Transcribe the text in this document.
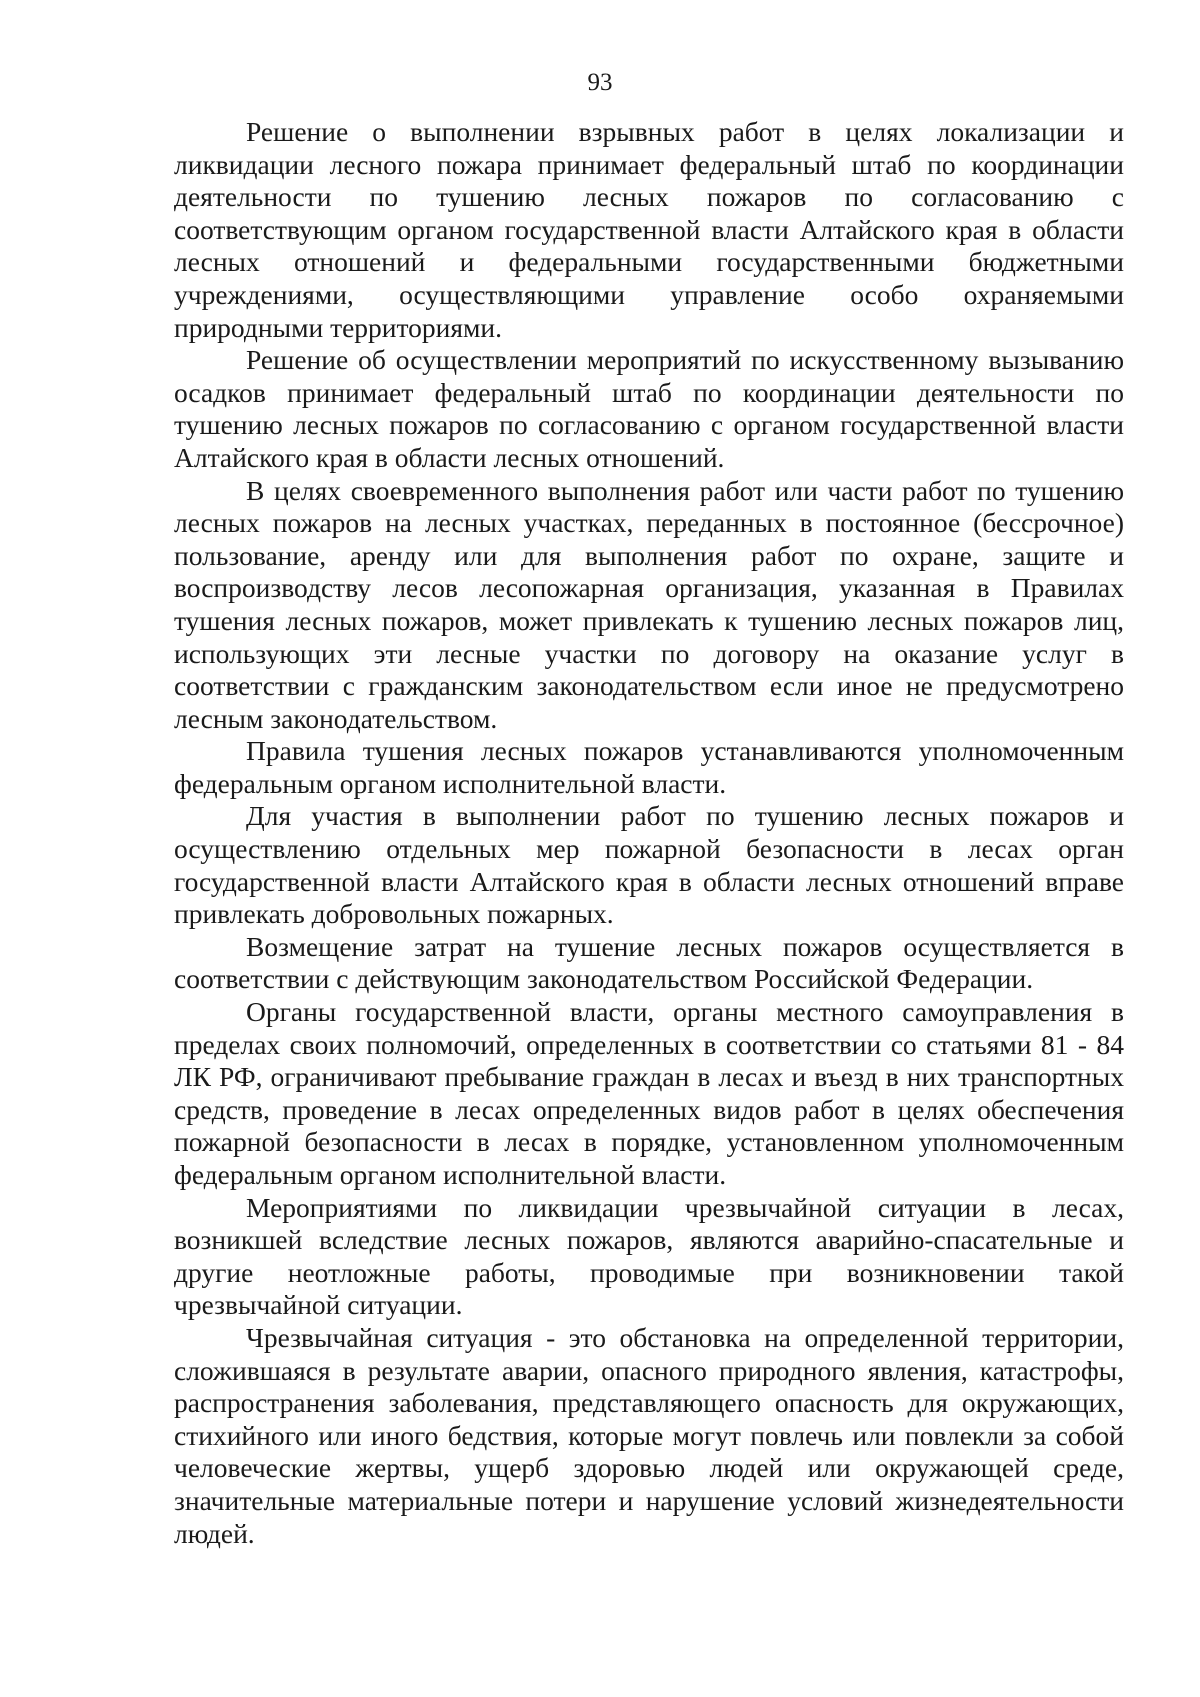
93

Решение о выполнении взрывных работ в целях локализации и ликвидации лесного пожара принимает федеральный штаб по координации деятельности по тушению лесных пожаров по согласованию с соответствующим органом государственной власти Алтайского края в области лесных отношений и федеральными государственными бюджетными учреждениями, осуществляющими управление особо охраняемыми природными территориями.

Решение об осуществлении мероприятий по искусственному вызыванию осадков принимает федеральный штаб по координации деятельности по тушению лесных пожаров по согласованию с органом государственной власти Алтайского края в области лесных отношений.

В целях своевременного выполнения работ или части работ по тушению лесных пожаров на лесных участках, переданных в постоянное (бессрочное) пользование, аренду или для выполнения работ по охране, защите и воспроизводству лесов лесопожарная организация, указанная в Правилах тушения лесных пожаров, может привлекать к тушению лесных пожаров лиц, использующих эти лесные участки по договору на оказание услуг в соответствии с гражданским законодательством если иное не предусмотрено лесным законодательством.

Правила тушения лесных пожаров устанавливаются уполномоченным федеральным органом исполнительной власти.

Для участия в выполнении работ по тушению лесных пожаров и осуществлению отдельных мер пожарной безопасности в лесах орган государственной власти Алтайского края в области лесных отношений вправе привлекать добровольных пожарных.

Возмещение затрат на тушение лесных пожаров осуществляется в соответствии с действующим законодательством Российской Федерации.

Органы государственной власти, органы местного самоуправления в пределах своих полномочий, определенных в соответствии со статьями 81 - 84 ЛК РФ, ограничивают пребывание граждан в лесах и въезд в них транспортных средств, проведение в лесах определенных видов работ в целях обеспечения пожарной безопасности в лесах в порядке, установленном уполномоченным федеральным органом исполнительной власти.

Мероприятиями по ликвидации чрезвычайной ситуации в лесах, возникшей вследствие лесных пожаров, являются аварийно-спасательные и другие неотложные работы, проводимые при возникновении такой чрезвычайной ситуации.

Чрезвычайная ситуация - это обстановка на определенной территории, сложившаяся в результате аварии, опасного природного явления, катастрофы, распространения заболевания, представляющего опасность для окружающих, стихийного или иного бедствия, которые могут повлечь или повлекли за собой человеческие жертвы, ущерб здоровью людей или окружающей среде, значительные материальные потери и нарушение условий жизнедеятельности людей.
